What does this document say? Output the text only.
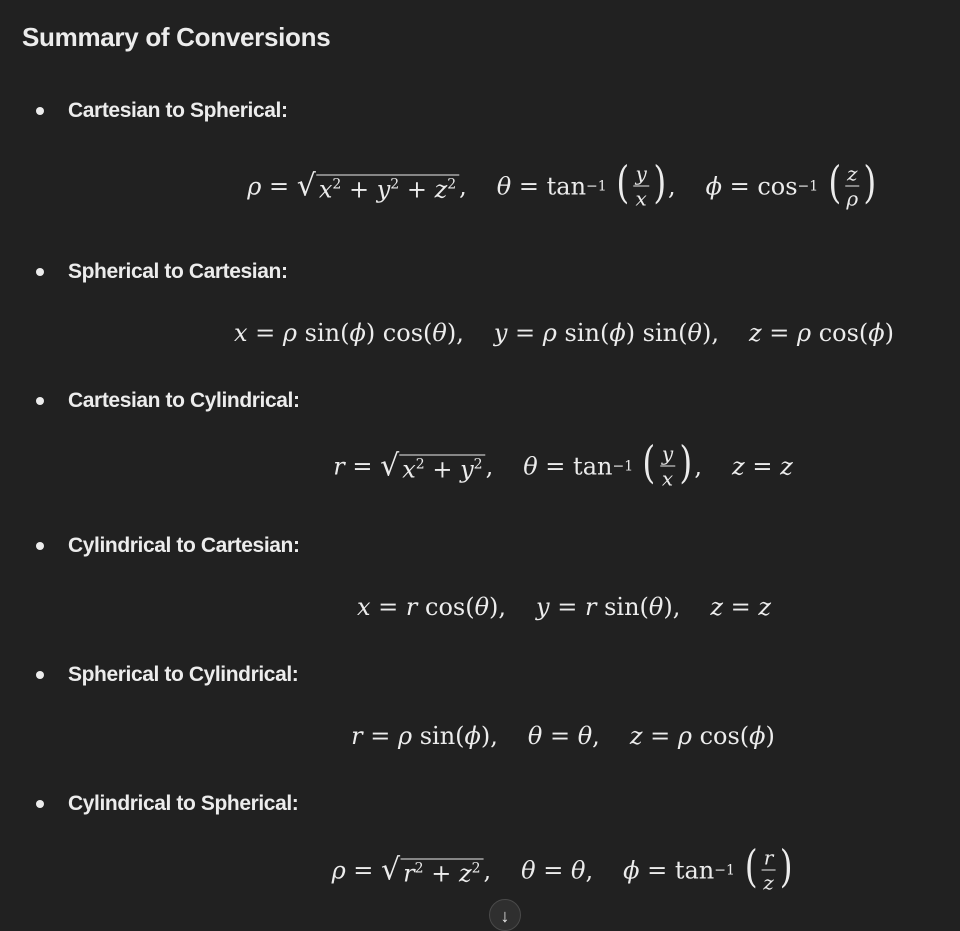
Summary of Conversions
Cartesian to Spherical:
ρ = √ $x^2 + y^2 + z^2$ , θ = tan −1
( $\frac{y}{x}$ ) , ϕ = cos −1
( $\frac{z}{\rho}$ )
Spherical to Cartesian:
x = ρ sin( ϕ ) cos( θ ), y = ρ sin( ϕ ) sin( θ ), z = ρ cos( ϕ )
Cartesian to Cylindrical:
r = √ $x^2 + y^2$ , θ = tan −1
( $\frac{y}{x}$ ) , z = z
Cylindrical to Cartesian:
x = r cos( θ ), y = r sin( θ ), z = z
Spherical to Cylindrical:
r = ρ sin( ϕ ), θ = θ , z = ρ cos( ϕ )
Cylindrical to Spherical:
ρ = √ $r^2 + z^2$ , θ = θ , ϕ = tan −1
( $\frac{r}{z}$ )
↓
